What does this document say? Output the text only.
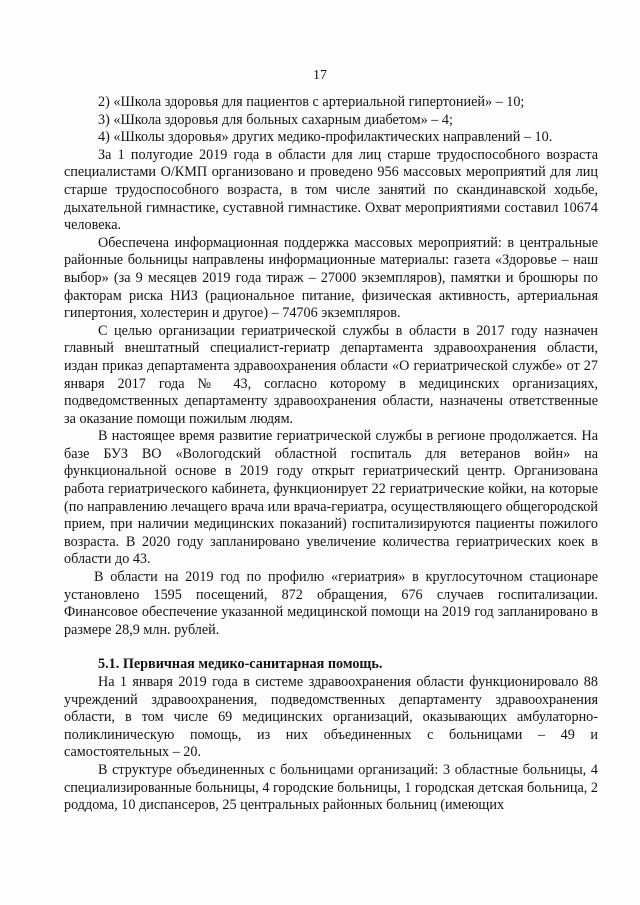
17

2) «Школа здоровья для пациентов с артериальной гипертонией» – 10;

3) «Школа здоровья для больных сахарным диабетом» – 4;

4) «Школы здоровья» других медико-профилактических направлений – 10.

За 1 полугодие 2019 года в области для лиц старше трудоспособного возраста специалистами О/КМП организовано и проведено 956 массовых мероприятий для лиц старше трудоспособного возраста, в том числе занятий по скандинавской ходьбе, дыхательной гимнастике, суставной гимнастике. Охват мероприятиями составил 10674 человека.

Обеспечена информационная поддержка массовых мероприятий: в центральные районные больницы направлены информационные материалы: газета «Здоровье – наш выбор» (за 9 месяцев 2019 года тираж – 27000 экземпляров), памятки и брошюры по факторам риска НИЗ (рациональное питание, физическая активность, артериальная гипертония, холестерин и другое) – 74706 экземпляров.

С целью организации гериатрической службы в области в 2017 году назначен главный внештатный специалист-гериатр департамента здравоохранения области, издан приказ департамента здравоохранения области «О гериатрической службе» от 27 января 2017 года № 43, согласно которому в медицинских организациях, подведомственных департаменту здравоохранения области, назначены ответственные за оказание помощи пожилым людям.

В настоящее время развитие гериатрической службы в регионе продолжается. На базе БУЗ ВО «Вологодский областной госпиталь для ветеранов войн» на функциональной основе в 2019 году открыт гериатрический центр. Организована работа гериатрического кабинета, функционирует 22 гериатрические койки, на которые (по направлению лечащего врача или врача-гериатра, осуществляющего общегородской прием, при наличии медицинских показаний) госпитализируются пациенты пожилого возраста. В 2020 году запланировано увеличение количества гериатрических коек в области до 43.

В области на 2019 год по профилю «гериатрия» в круглосуточном стационаре установлено 1595 посещений, 872 обращения, 676 случаев госпитализации. Финансовое обеспечение указанной медицинской помощи на 2019 год запланировано в размере 28,9 млн. рублей.

5.1. Первичная медико-санитарная помощь.

На 1 января 2019 года в системе здравоохранения области функционировало 88 учреждений здравоохранения, подведомственных департаменту здравоохранения области, в том числе 69 медицинских организаций, оказывающих амбулаторно-поликлиническую помощь, из них объединенных с больницами – 49 и самостоятельных – 20.

В структуре объединенных с больницами организаций: 3 областные больницы, 4 специализированные больницы, 4 городские больницы, 1 городская детская больница, 2 роддома, 10 диспансеров, 25 центральных районных больниц (имеющих
